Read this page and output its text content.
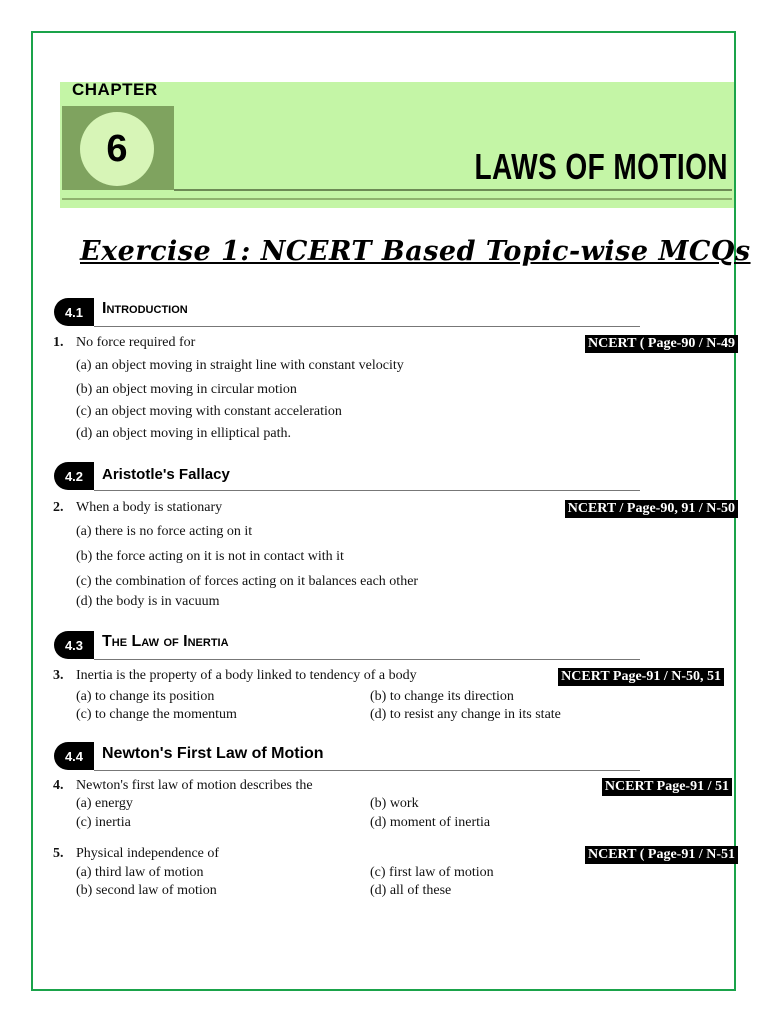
CHAPTER
6	LAWS OF MOTION
Exercise 1: NCERT Based Topic-wise MCQs
4.1	Introduction
1. No force required for	NCERT ( Page-90 / N-49
(a) an object moving in straight line with constant velocity
(b) an object moving in circular motion
(c) an object moving with constant acceleration
(d) an object moving in elliptical path.
4.2	Aristotle's Fallacy
2. When a body is stationary	NCERT / Page-90, 91 / N-50
(a) there is no force acting on it
(b) the force acting on it is not in contact with it
(c) the combination of forces acting on it balances each other
(d) the body is in vacuum
4.3	The Law of Inertia
3. Inertia is the property of a body linked to tendency of a body	NCERT Page-91 / N-50, 51
(a) to change its position	(b) to change its direction
(c) to change the momentum	(d) to resist any change in its state
4.4	Newton's First Law of Motion
4. Newton's first law of motion describes the	NCERT Page-91 / 51
(a) energy	(b) work
(c) inertia	(d) moment of inertia
5. Physical independence of	NCERT ( Page-91 / N-51
(a) third law of motion	(c) first law of motion
(b) second law of motion	(d) all of these
